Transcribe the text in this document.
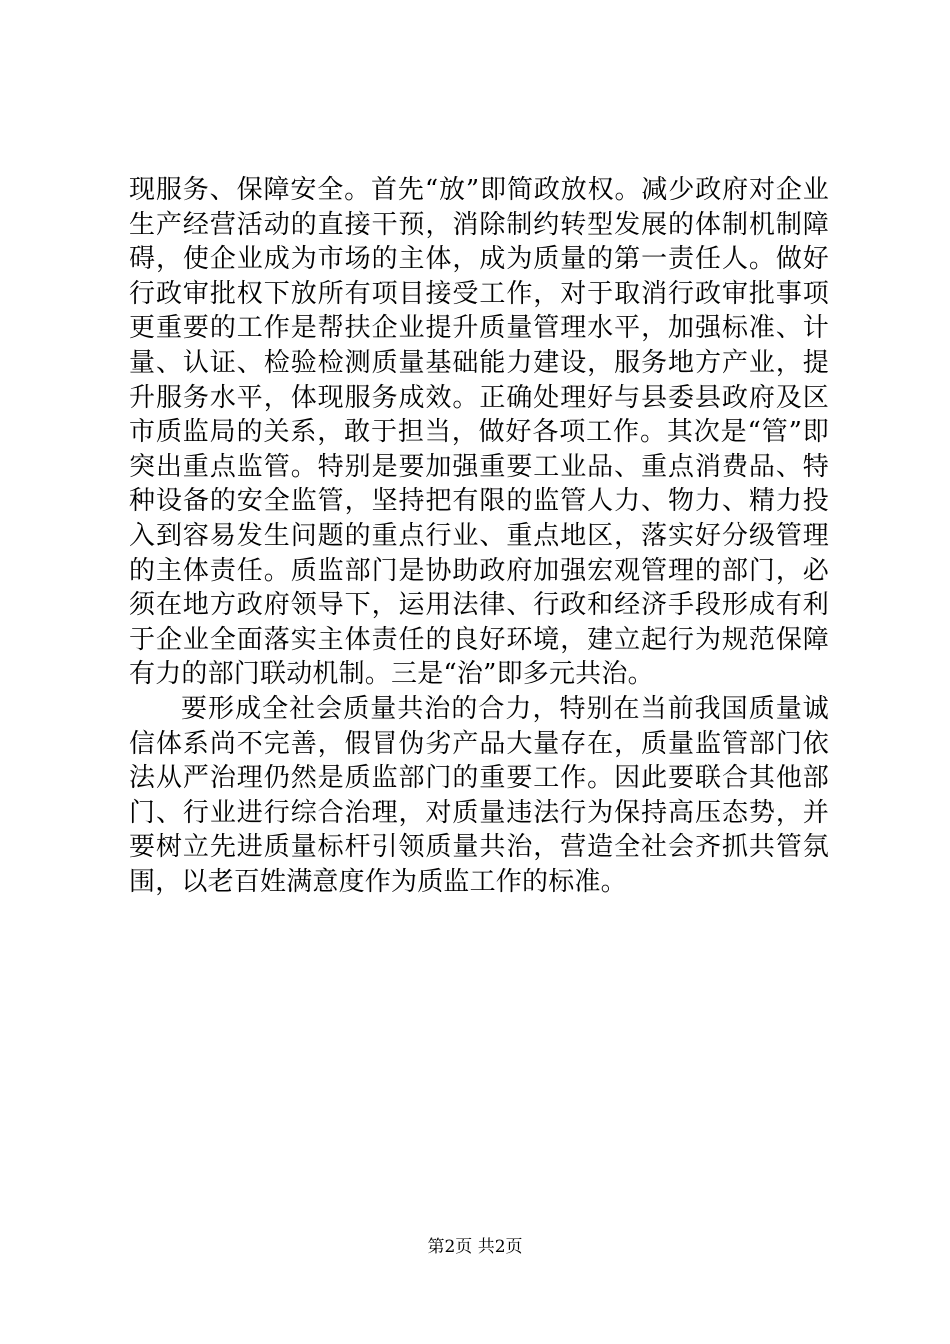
现服务、保障安全。首先“放”即简政放权。减少政府对企业生产经营活动的直接干预，消除制约转型发展的体制机制障碍，使企业成为市场的主体，成为质量的第一责任人。做好行政审批权下放所有项目接受工作，对于取消行政审批事项更重要的工作是帮扶企业提升质量管理水平，加强标准、计量、认证、检验检测质量基础能力建设，服务地方产业，提升服务水平，体现服务成效。正确处理好与县委县政府及区市质监局的关系，敢于担当，做好各项工作。其次是“管”即突出重点监管。特别是要加强重要工业品、重点消费品、特种设备的安全监管，坚持把有限的监管人力、物力、精力投入到容易发生问题的重点行业、重点地区，落实好分级管理的主体责任。质监部门是协助政府加强宏观管理的部门，必须在地方政府领导下，运用法律、行政和经济手段形成有利于企业全面落实主体责任的良好环境，建立起行为规范保障有力的部门联动机制。三是“治”即多元共治。

要形成全社会质量共治的合力，特别在当前我国质量诚信体系尚不完善，假冒伪劣产品大量存在，质量监管部门依法从严治理仍然是质监部门的重要工作。因此要联合其他部门、行业进行综合治理，对质量违法行为保持高压态势，并要树立先进质量标杆引领质量共治，营造全社会齐抓共管氛围，以老百姓满意度作为质监工作的标准。

第2页 共2页
